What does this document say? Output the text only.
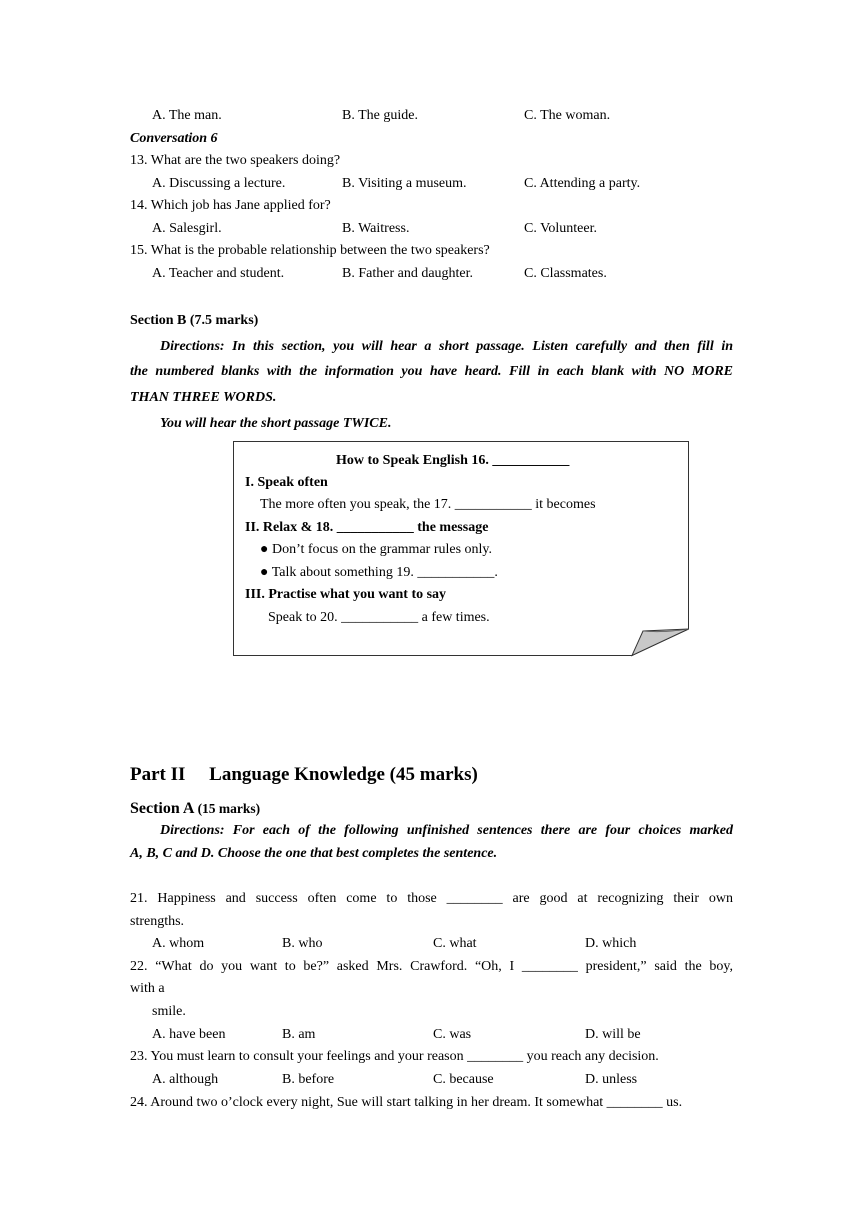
A. The man.	B. The guide.	C. The woman.
Conversation 6
13. What are the two speakers doing?
A. Discussing a lecture.	B. Visiting a museum.	C. Attending a party.
14. Which job has Jane applied for?
A. Salesgirl.	B. Waitress.	C. Volunteer.
15. What is the probable relationship between the two speakers?
A. Teacher and student.	B. Father and daughter.	C. Classmates.
Section B (7.5 marks)
Directions: In this section, you will hear a short passage. Listen carefully and then fill in
the numbered blanks with the information you have heard. Fill in each blank with NO MORE
THAN THREE WORDS.
You will hear the short passage TWICE.
How to Speak English 16. ___________
I. Speak often
The more often you speak, the 17. ___________ it becomes
II. Relax & 18. ___________ the message
● Don’t focus on the grammar rules only.
● Talk about something 19. ___________.
III. Practise what you want to say
Speak to 20. ___________ a few times.
Part II  Language Knowledge (45 marks)
Section A (15 marks)
Directions: For each of the following unfinished sentences there are four choices marked
A, B, C and D. Choose the one that best completes the sentence.
21. Happiness and success often come to those ________ are good at recognizing their own
strengths.
A. whom	B. who	C. what	D. which
22. “What do you want to be?” asked Mrs. Crawford. “Oh, I ________ president,” said the boy,
with a
smile.
A. have been	B. am	C. was	D. will be
23. You must learn to consult your feelings and your reason ________ you reach any decision.
A. although	B. before	C. because	D. unless
24. Around two o’clock every night, Sue will start talking in her dream. It somewhat ________ us.
